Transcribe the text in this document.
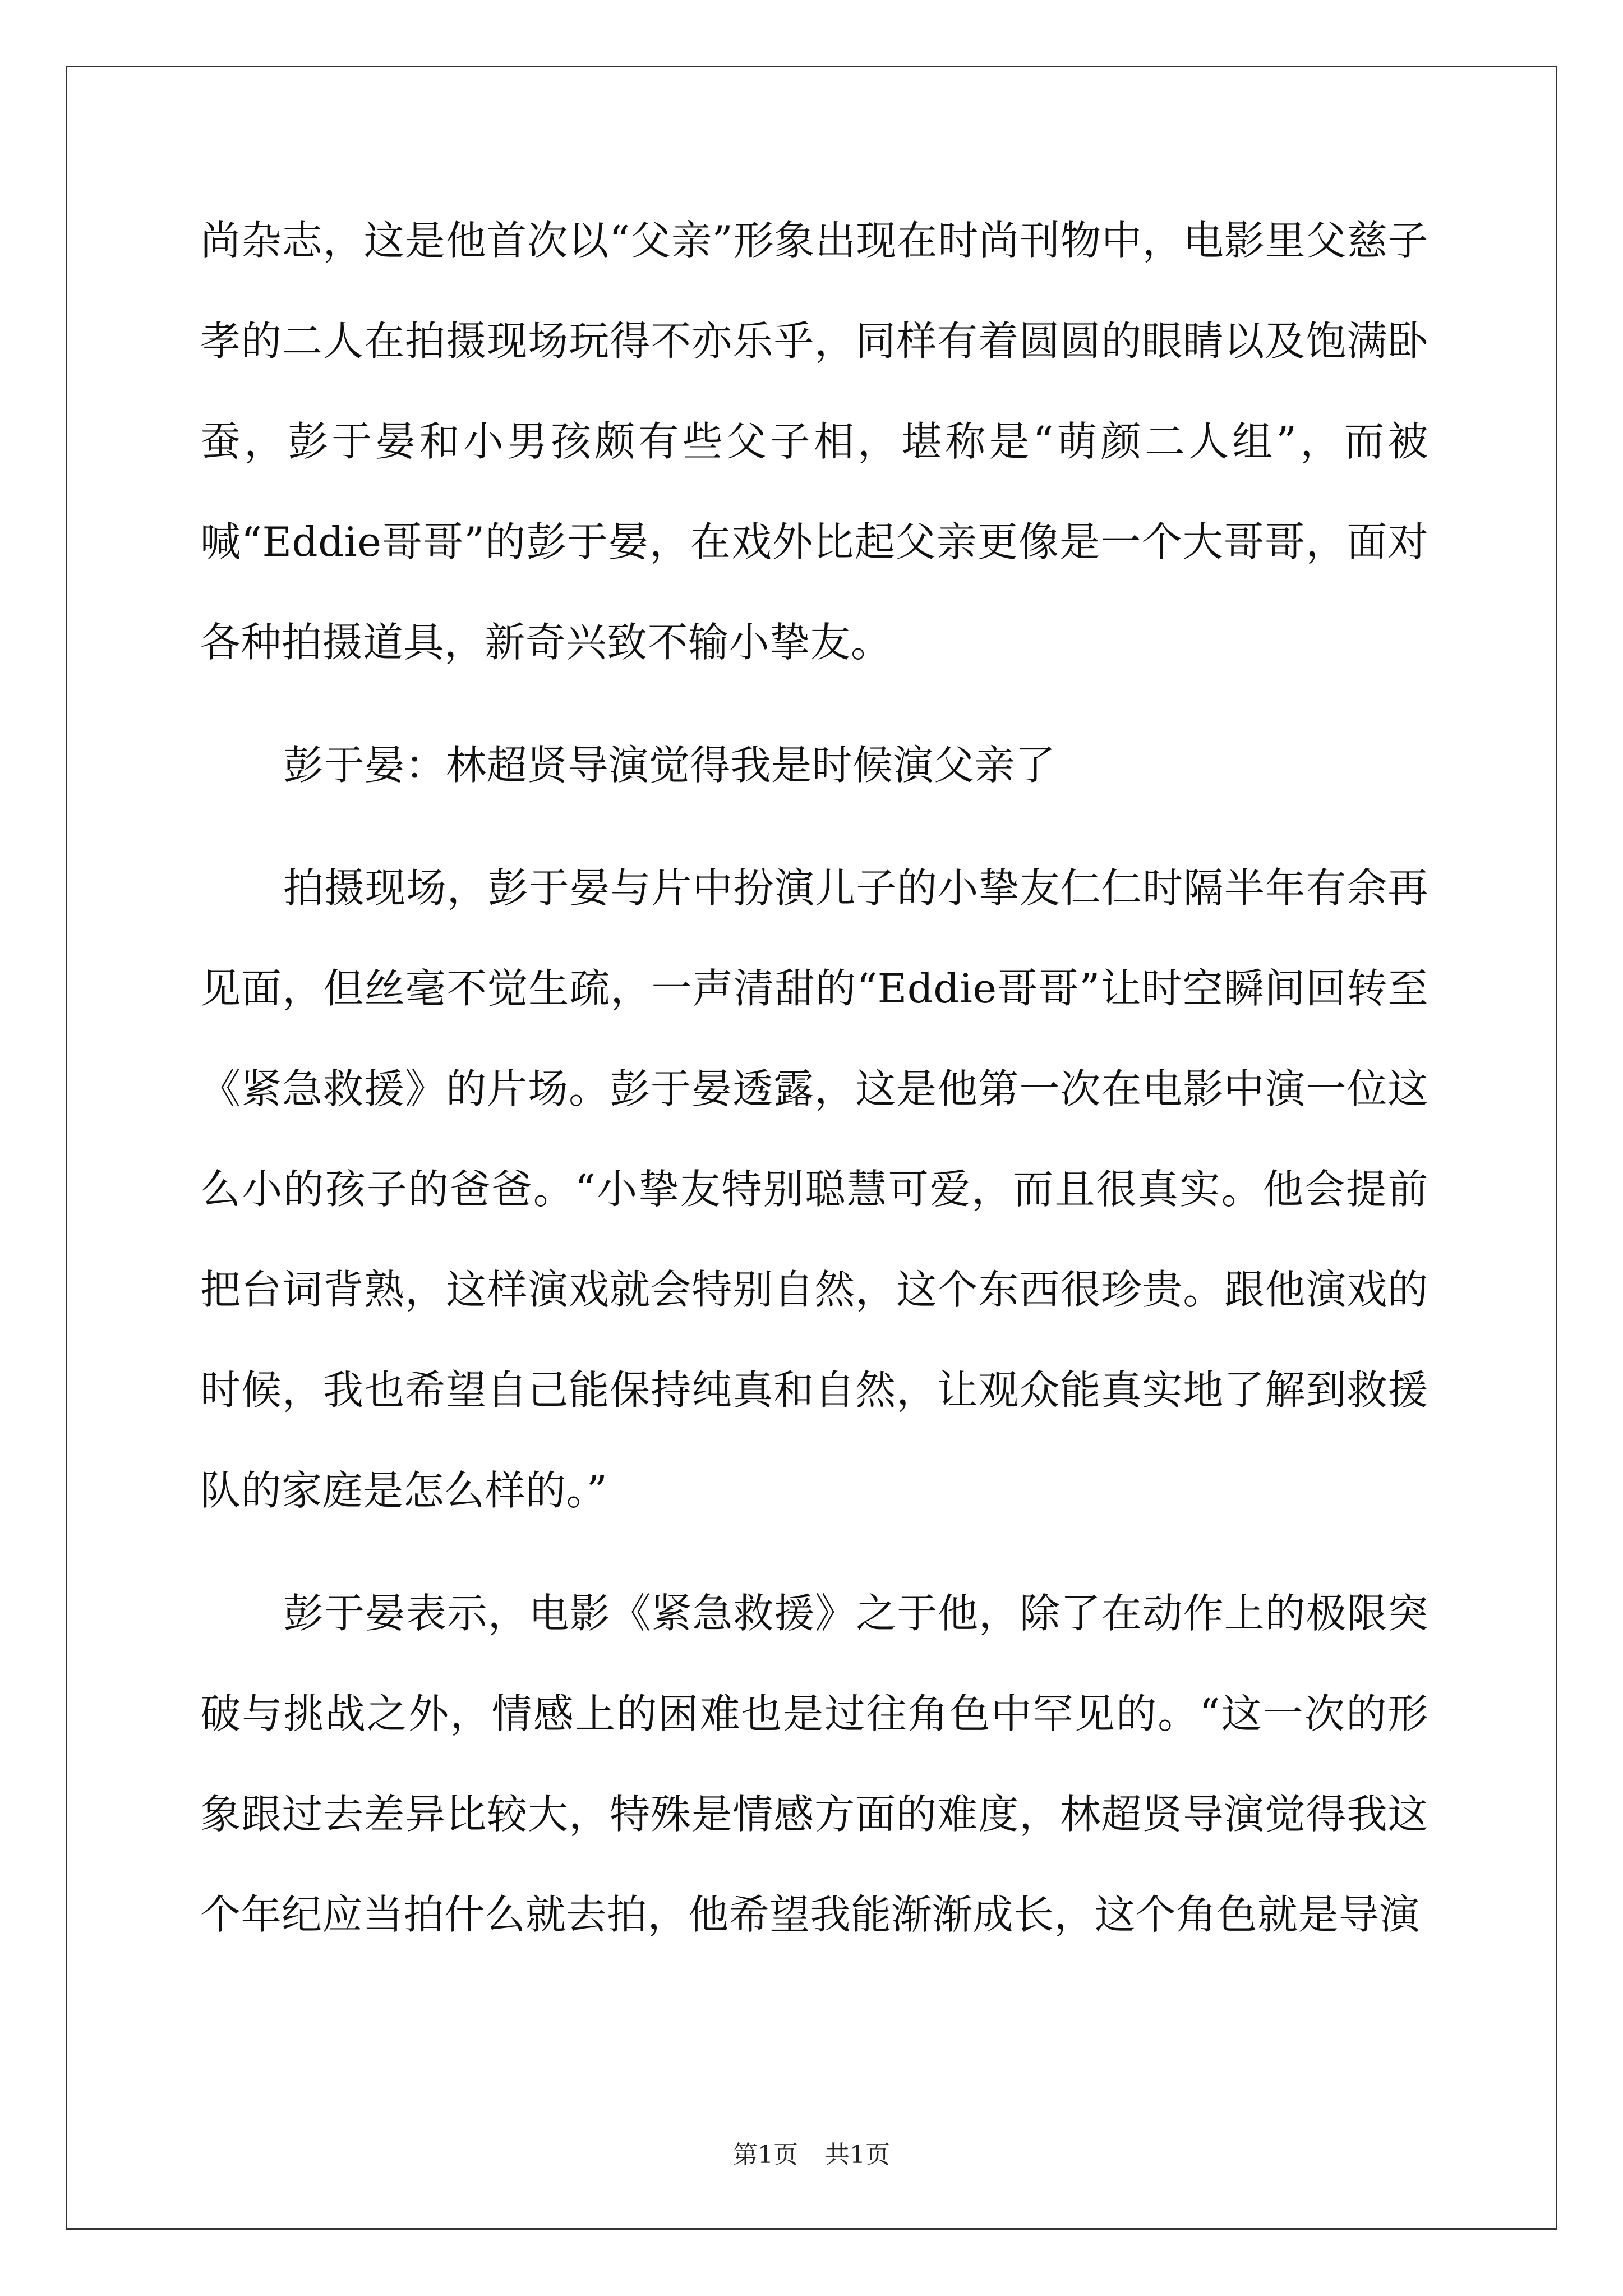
尚杂志，这是他首次以“父亲”形象出现在时尚刊物中，电影里父慈子孝的二人在拍摄现场玩得不亦乐乎，同样有着圆圆的眼睛以及饱满卧蚕，彭于晏和小男孩颇有些父子相，堪称是“萌颜二人组”，而被喊“Eddie哥哥”的彭于晏，在戏外比起父亲更像是一个大哥哥，面对各种拍摄道具，新奇兴致不输小挚友。

彭于晏：林超贤导演觉得我是时候演父亲了

拍摄现场，彭于晏与片中扮演儿子的小挚友仁仁时隔半年有余再见面，但丝毫不觉生疏，一声清甜的“Eddie哥哥”让时空瞬间回转至《紧急救援》的片场。彭于晏透露，这是他第一次在电影中演一位这么小的孩子的爸爸。“小挚友特别聪慧可爱，而且很真实。他会提前把台词背熟，这样演戏就会特别自然，这个东西很珍贵。跟他演戏的时候，我也希望自己能保持纯真和自然，让观众能真实地了解到救援队的家庭是怎么样的。”

彭于晏表示，电影《紧急救援》之于他，除了在动作上的极限突破与挑战之外，情感上的困难也是过往角色中罕见的。“这一次的形象跟过去差异比较大，特殊是情感方面的难度，林超贤导演觉得我这个年纪应当拍什么就去拍，他希望我能渐渐成长，这个角色就是导演

第1页 共1页
